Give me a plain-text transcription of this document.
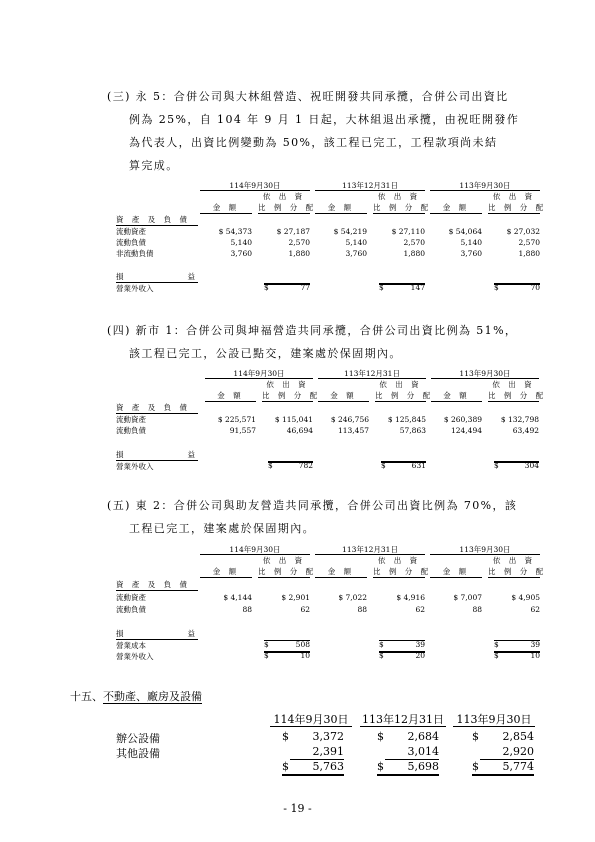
(三) 永 5：合併公司與大林組營造、祝旺開發共同承攬，合併公司出資比
例為 25%，自 104 年 9 月 1 日起，大林組退出承攬，由祝旺開發作
為代表人，出資比例變動為 50%，該工程已完工，工程款項尚未結
算完成。
114年9月30日	113年12月31日	113年9月30日
依 出 資	依 出 資	依 出 資
金 額	比 例 分 配	金 額	比 例 分 配	金 額	比 例 分 配
資 產 及 負 債
流動資產	$ 54,373	$ 27,187	$ 54,219	$ 27,110	$ 54,064	$ 27,032
流動負債	5,140	2,570	5,140	2,570	5,140	2,570
非流動負債	3,760	1,880	3,760	1,880	3,760	1,880
損	益
營業外收入	$	77	$	147	$	70
(四) 新市 1：合併公司與坤福營造共同承攬，合併公司出資比例為 51%，
該工程已完工，公設已點交，建案處於保固期內。
114年9月30日	113年12月31日	113年9月30日
依 出 資	依 出 資	依 出 資
金 額	比 例 分 配	金 額	比 例 分 配	金 額	比 例 分 配
資 產 及 負 債
流動資產	$ 225,571	$ 115,041	$ 246,756	$ 125,845	$ 260,389	$ 132,798
流動負債	91,557	46,694	113,457	57,863	124,494	63,492
損	益
營業外收入	$	782	$	631	$	304
(五) 東 2：合併公司與助友營造共同承攬，合併公司出資比例為 70%，該
工程已完工，建案處於保固期內。
114年9月30日	113年12月31日	113年9月30日
依 出 資	依 出 資	依 出 資
金 額	比 例 分 配	金 額	比 例 分 配	金 額	比 例 分 配
資 產 及 負 債
流動資產	$ 4,144	$ 2,901	$ 7,022	$ 4,916	$ 7,007	$ 4,905
流動負債	88	62	88	62	88	62
損	益
營業成本	$	508	$	39	$	39
營業外收入	$	10	$	20	$	10
十五、不動產、廠房及設備
114年9月30日	113年12月31日	113年9月30日
辦公設備	$ 3,372	$ 2,684	$ 2,854
其他設備	2,391	3,014	2,920
$ 5,763	$ 5,698	$ 5,774
- 19 -
